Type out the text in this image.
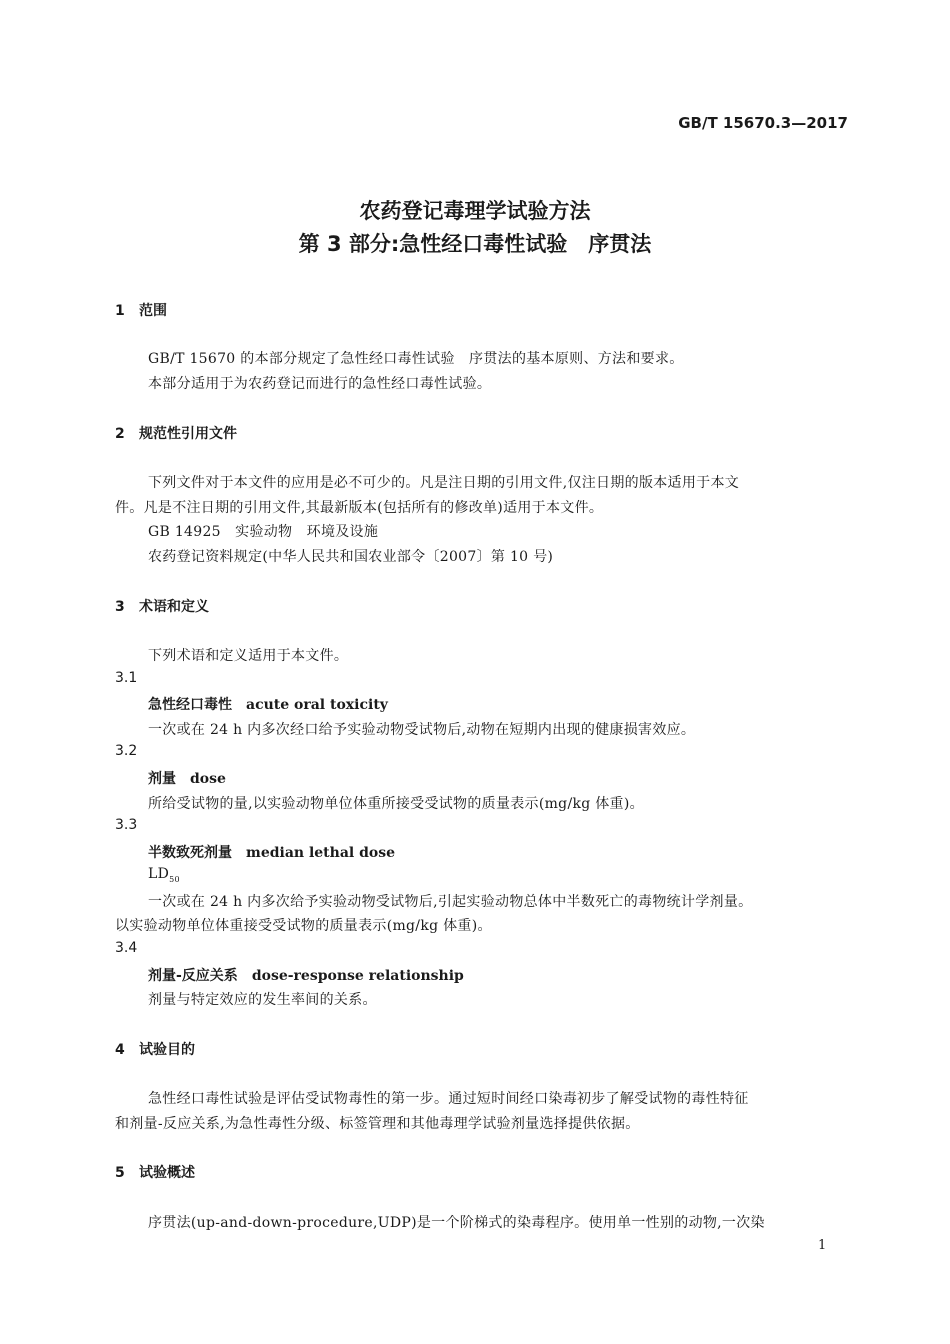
GB/T 15670.3—2017
农药登记毒理学试验方法
第 3 部分:急性经口毒性试验　序贯法
1 范围
GB/T 15670 的本部分规定了急性经口毒性试验　序贯法的基本原则、方法和要求。
本部分适用于为农药登记而进行的急性经口毒性试验。
2 规范性引用文件
下列文件对于本文件的应用是必不可少的。凡是注日期的引用文件,仅注日期的版本适用于本文
件。凡是不注日期的引用文件,其最新版本(包括所有的修改单)适用于本文件。
GB 14925　实验动物　环境及设施
农药登记资料规定(中华人民共和国农业部令〔2007〕第 10 号)
3 术语和定义
下列术语和定义适用于本文件。
3.1
急性经口毒性 acute oral toxicity
一次或在 24 h 内多次经口给予实验动物受试物后,动物在短期内出现的健康损害效应。
3.2
剂量 dose
所给受试物的量,以实验动物单位体重所接受受试物的质量表示(mg/kg 体重)。
3.3
半数致死剂量 median lethal dose
$LD_{50}$
一次或在 24 h 内多次给予实验动物受试物后,引起实验动物总体中半数死亡的毒物统计学剂量。
以实验动物单位体重接受受试物的质量表示(mg/kg 体重)。
3.4
剂量-反应关系 dose-response relationship
剂量与特定效应的发生率间的关系。
4 试验目的
急性经口毒性试验是评估受试物毒性的第一步。通过短时间经口染毒初步了解受试物的毒性特征
和剂量-反应关系,为急性毒性分级、标签管理和其他毒理学试验剂量选择提供依据。
5 试验概述
序贯法(up-and-down-procedure,UDP)是一个阶梯式的染毒程序。使用单一性别的动物,一次染
1
